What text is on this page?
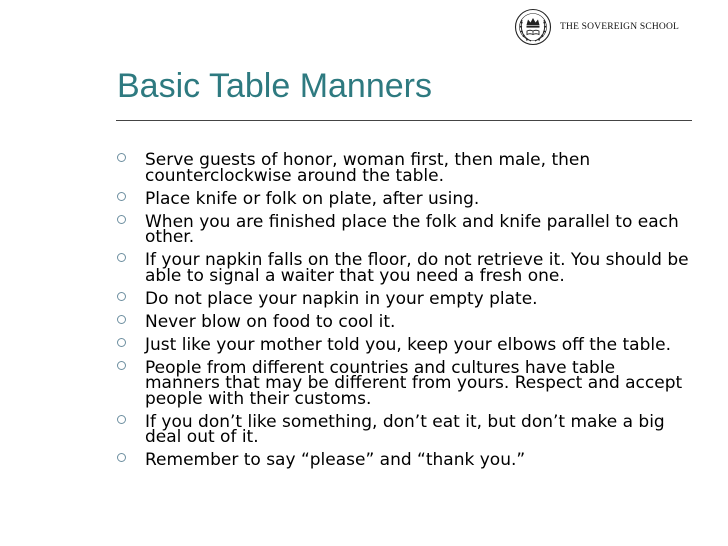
THE SOVEREIGN SCHOOL
Basic Table Manners
Serve guests of honor, woman first, then male, then counterclockwise around the table.
Place knife or folk on plate, after using.
When you are finished place the folk and knife parallel to each other.
If your napkin falls on the floor, do not retrieve it. You should be able to signal a waiter that you need a fresh one.
Do not place your napkin in your empty plate.
Never blow on food to cool it.
Just like your mother told you, keep your elbows off the table.
People from different countries and cultures have table manners that may be different from yours. Respect and accept people with their customs.
If you don’t like something, don’t eat it, but don’t make a big deal out of it.
Remember to say “please” and “thank you.”
